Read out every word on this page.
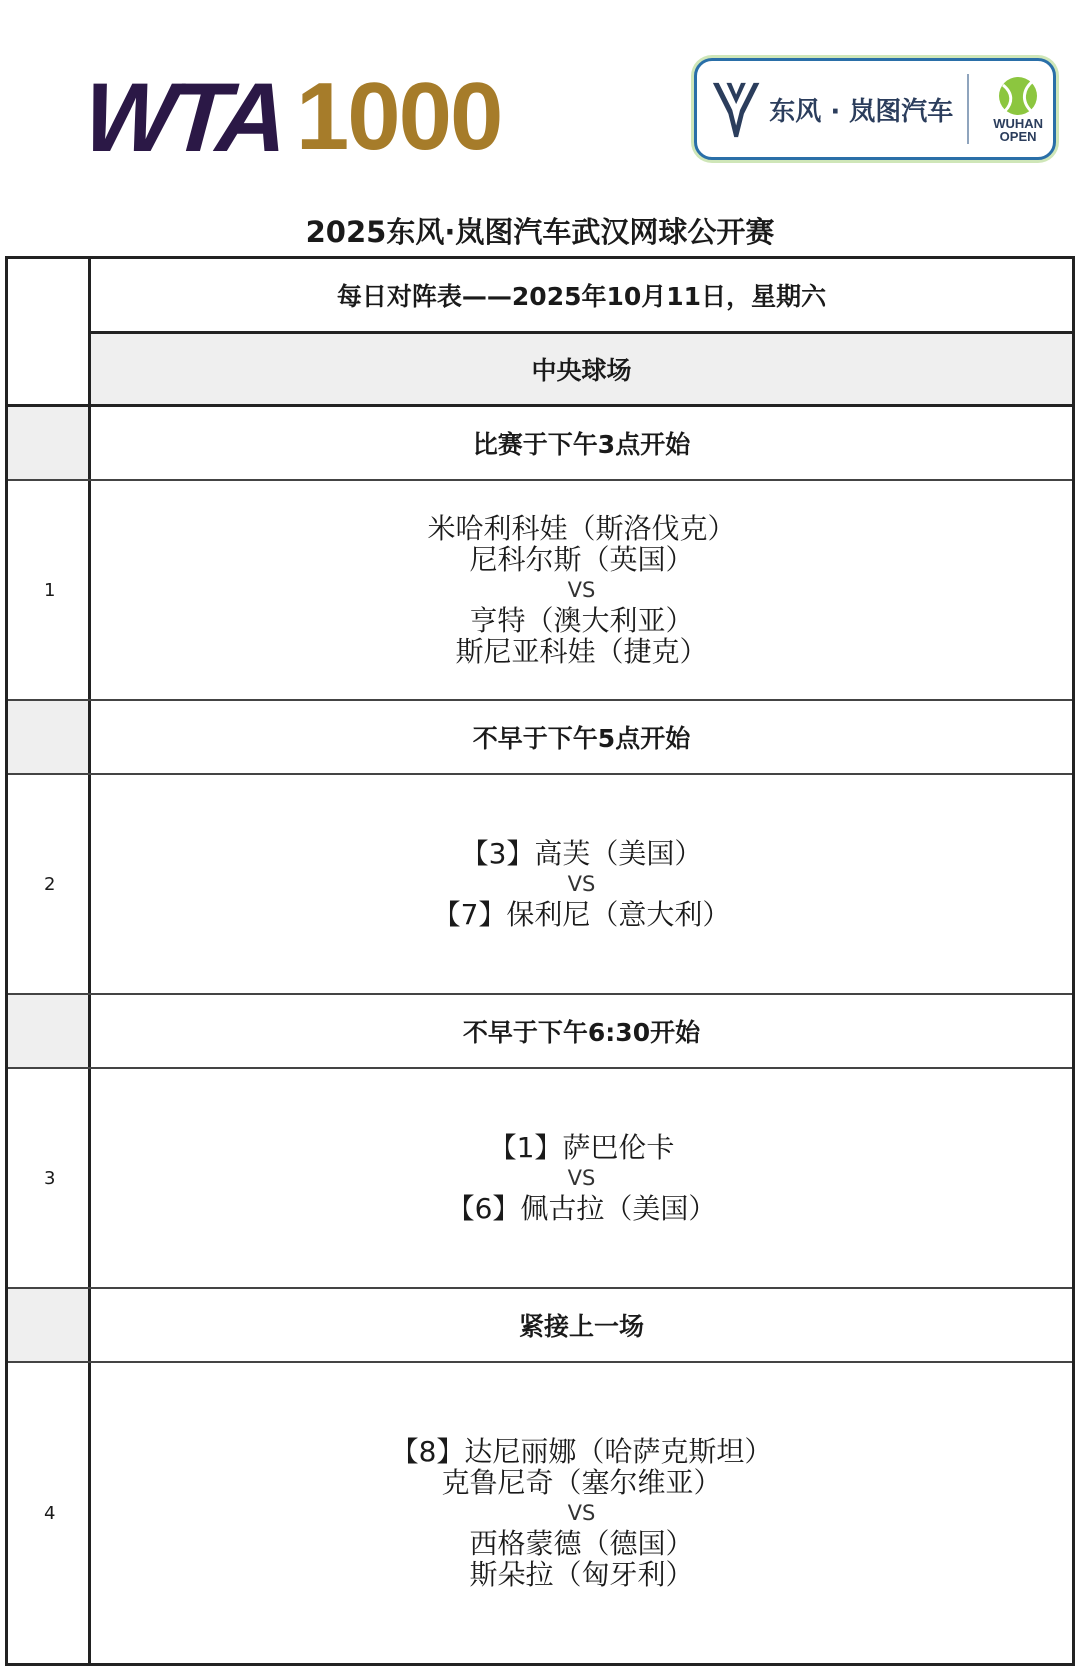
WTA 1000	东风 · 岚图汽车	WUHAN
OPEN
2025东风·岚图汽车武汉网球公开赛
每日对阵表——2025年10月11日，星期六
中央球场
比赛于下午3点开始
1
米哈利科娃（斯洛伐克）
尼科尔斯（英国）
VS
亨特（澳大利亚）
斯尼亚科娃（捷克）
不早于下午5点开始
2
【3】高芙（美国）
VS
【7】保利尼（意大利）
不早于下午6:30开始
3
【1】萨巴伦卡
VS
【6】佩古拉（美国）
紧接上一场
4
【8】达尼丽娜（哈萨克斯坦）
克鲁尼奇（塞尔维亚）
VS
西格蒙德（德国）
斯朵拉（匈牙利）
